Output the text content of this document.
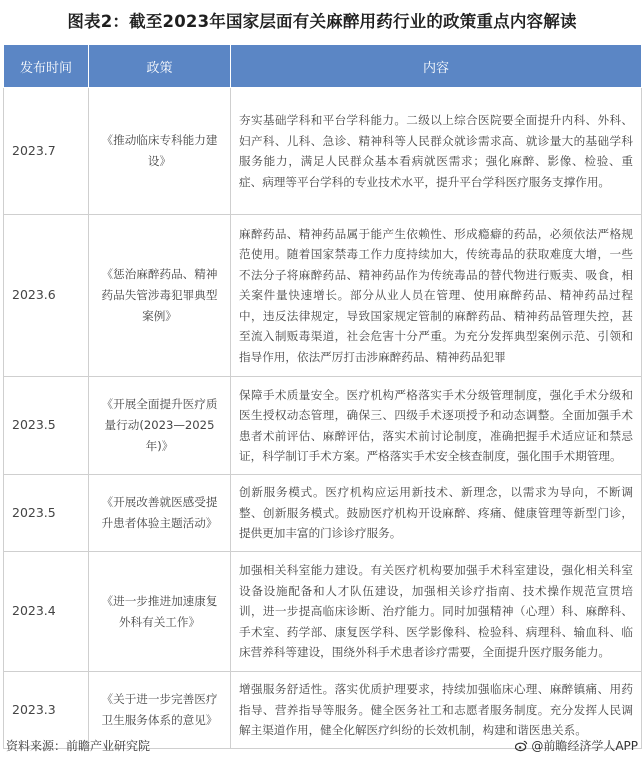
图表2：截至2023年国家层面有关麻醉用药行业的政策重点内容解读
发布时间	政策	内容
2023.7	《推动临床专科能力建设》	夯实基础学科和平台学科能力。二级以上综合医院要全面提升内科、外科、妇产科、儿科、急诊、精神科等人民群众就诊需求高、就诊量大的基础学科服务能力，满足人民群众基本看病就医需求；强化麻醉、影像、检验、重症、病理等平台学科的专业技术水平，提升平台学科医疗服务支撑作用。
2023.6	《惩治麻醉药品、精神药品失管涉毒犯罪典型案例》	麻醉药品、精神药品属于能产生依赖性、形成瘾癖的药品，必须依法严格规范使用。随着国家禁毒工作力度持续加大，传统毒品的获取难度大增，一些不法分子将麻醉药品、精神药品作为传统毒品的替代物进行贩卖、吸食，相关案件量快速增长。部分从业人员在管理、使用麻醉药品、精神药品过程中，违反法律规定，导致国家规定管制的麻醉药品、精神药品管理失控，甚至流入制贩毒渠道，社会危害十分严重。为充分发挥典型案例示范、引领和指导作用，依法严厉打击涉麻醉药品、精神药品犯罪
2023.5	《开展全面提升医疗质量行动(2023—2025年)》	保障手术质量安全。医疗机构严格落实手术分级管理制度，强化手术分级和医生授权动态管理，确保三、四级手术逐项授予和动态调整。全面加强手术患者术前评估、麻醉评估，落实术前讨论制度，准确把握手术适应证和禁忌证，科学制订手术方案。严格落实手术安全核查制度，强化围手术期管理。
2023.5	《开展改善就医感受提升患者体验主题活动》	创新服务模式。医疗机构应运用新技术、新理念，以需求为导向，不断调整、创新服务模式。鼓励医疗机构开设麻醉、疼痛、健康管理等新型门诊，提供更加丰富的门诊诊疗服务。
2023.4	《进一步推进加速康复外科有关工作》	加强相关科室能力建设。有关医疗机构要加强手术科室建设，强化相关科室设备设施配备和人才队伍建设，加强相关诊疗指南、技术操作规范宣贯培训，进一步提高临床诊断、治疗能力。同时加强精神（心理）科、麻醉科、手术室、药学部、康复医学科、医学影像科、检验科、病理科、输血科、临床营养科等建设，围绕外科手术患者诊疗需要，全面提升医疗服务能力。
2023.3	《关于进一步完善医疗卫生服务体系的意见》	增强服务舒适性。落实优质护理要求，持续加强临床心理、麻醉镇痛、用药指导、营养指导等服务。健全医务社工和志愿者服务制度。充分发挥人民调解主渠道作用，健全化解医疗纠纷的长效机制，构建和谐医患关系。
资料来源：前瞻产业研究院	@前瞻经济学人APP
